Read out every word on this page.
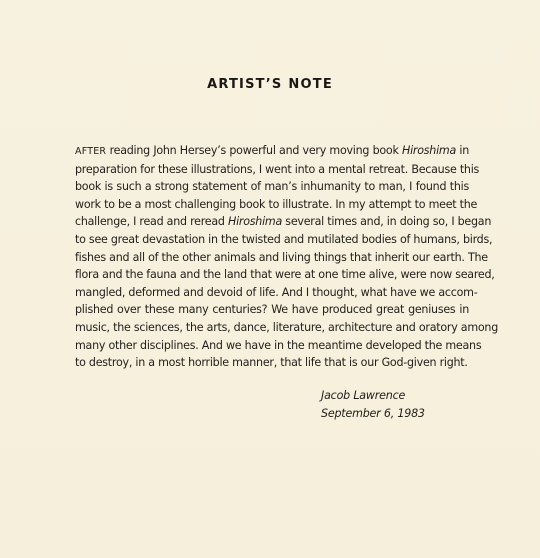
ARTIST’S NOTE
AFTER reading John Hersey’s powerful and very moving book Hiroshima in
preparation for these illustrations, I went into a mental retreat. Because this
book is such a strong statement of man’s inhumanity to man, I found this
work to be a most challenging book to illustrate. In my attempt to meet the
challenge, I read and reread Hiroshima several times and, in doing so, I began
to see great devastation in the twisted and mutilated bodies of humans, birds,
fishes and all of the other animals and living things that inherit our earth. The
flora and the fauna and the land that were at one time alive, were now seared,
mangled, deformed and devoid of life. And I thought, what have we accom-
plished over these many centuries? We have produced great geniuses in
music, the sciences, the arts, dance, literature, architecture and oratory among
many other disciplines. And we have in the meantime developed the means
to destroy, in a most horrible manner, that life that is our God-given right.
Jacob Lawrence
September 6, 1983
